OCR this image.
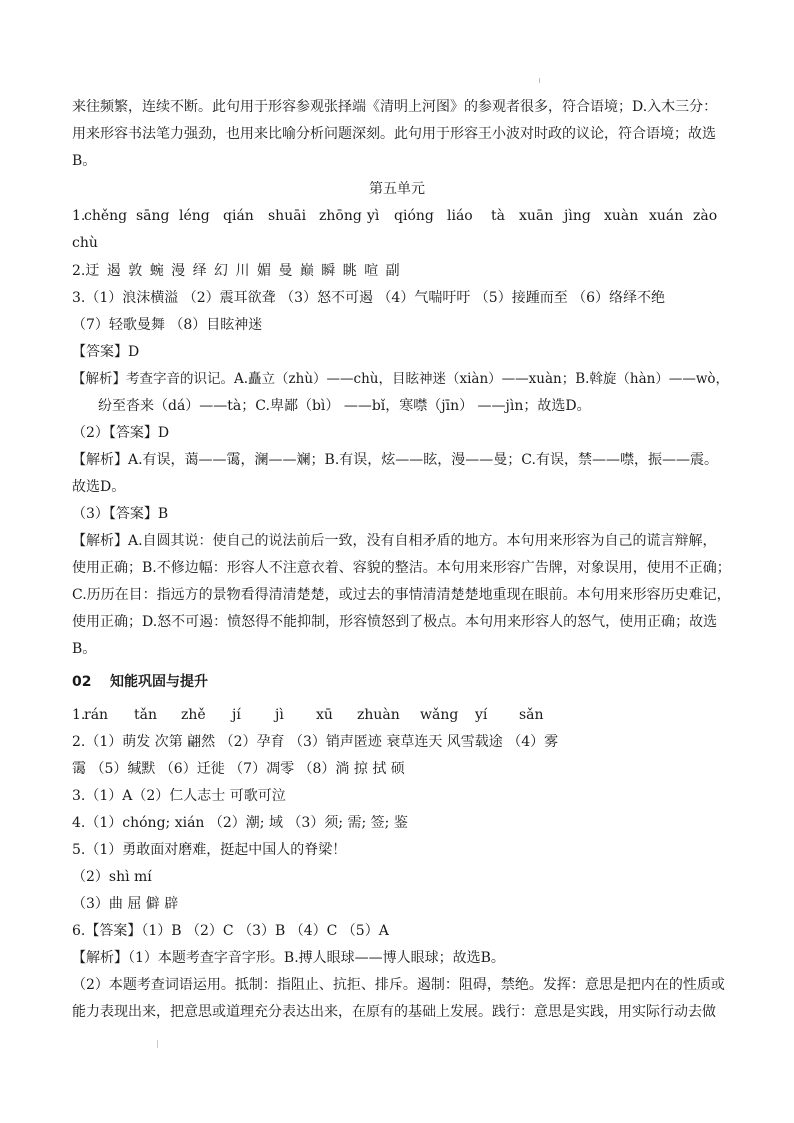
来往频繁，连续不断。此句用于形容参观张择端《清明上河图》的参观者很多，符合语境；D.入木三分：
用来形容书法笔力强劲，也用来比喻分析问题深刻。此句用于形容王小波对时政的议论，符合语境；故选
B。
第五单元
1.
chěng sāng léng qián shuāi zhōng yì qióng liáo tà xuān jìng xuàn xuán zào
chù
2.迂 遏 敦 蜿 漫 绎 幻 川 媚 曼 巅 瞬 眺 喧 副
3.（1）浪沫横溢 （2）震耳欲聋 （3）怒不可遏 （4）气喘吁吁 （5）接踵而至 （6）络绎不绝
（7）轻歌曼舞 （8）目眩神迷
【答案】D
【解析】考查字音的识记。A.矗立（zhù）——chù，目眩神迷（xiàn）——xuàn；B.斡旋（hàn）——wò，
纷至沓来（dá）——tà；C.卑鄙（bì） ——bǐ，寒噤（jīn） ——jìn；故选D。
（2）【答案】D
【解析】A.有误，蔼——霭，澜——斓；B.有误，炫——眩，漫——曼；C.有误，禁——噤，振——震。
故选D。
（3）【答案】B
【解析】A.自圆其说：使自己的说法前后一致，没有自相矛盾的地方。本句用来形容为自己的谎言辩解，
使用正确；B.不修边幅：形容人不注意衣着、容貌的整洁。本句用来形容广告牌，对象误用，使用不正确；
C.历历在目：指远方的景物看得清清楚楚，或过去的事情清清楚楚地重现在眼前。本句用来形容历史难记，
使用正确；D.怒不可遏：愤怒得不能抑制，形容愤怒到了极点。本句用来形容人的怒气，使用正确；故选
B。
02 知能巩固与提升
1.
rán tǎn zhě jí jì xū zhuàn wǎng yí sǎn
2.（1）萌发 次第 翩然 （2）孕育 （3）销声匿迹 衰草连天 风雪载途 （4）雾
霭 （5）缄默 （6）迁徙 （7）凋零 （8）淌 掠 拭 硕
3.（1）A（2）仁人志士 可歌可泣
4.（1）chóng; xián （2）潮; 域 （3）须; 需; 签; 鉴
5.（1）勇敢面对磨难，挺起中国人的脊梁！
（2）shì mí
（3）曲 屈 僻 辟
6.【答案】（1）B （2）C （3）B （4）C （5）A
【解析】（1）本题考查字音字形。B.搏人眼球——博人眼球；故选B。
（2）本题考查词语运用。抵制：指阻止、抗拒、排斥。遏制：阻碍，禁绝。发挥：意思是把内在的性质或
能力表现出来，把意思或道理充分表达出来，在原有的基础上发展。践行：意思是实践，用实际行动去做
